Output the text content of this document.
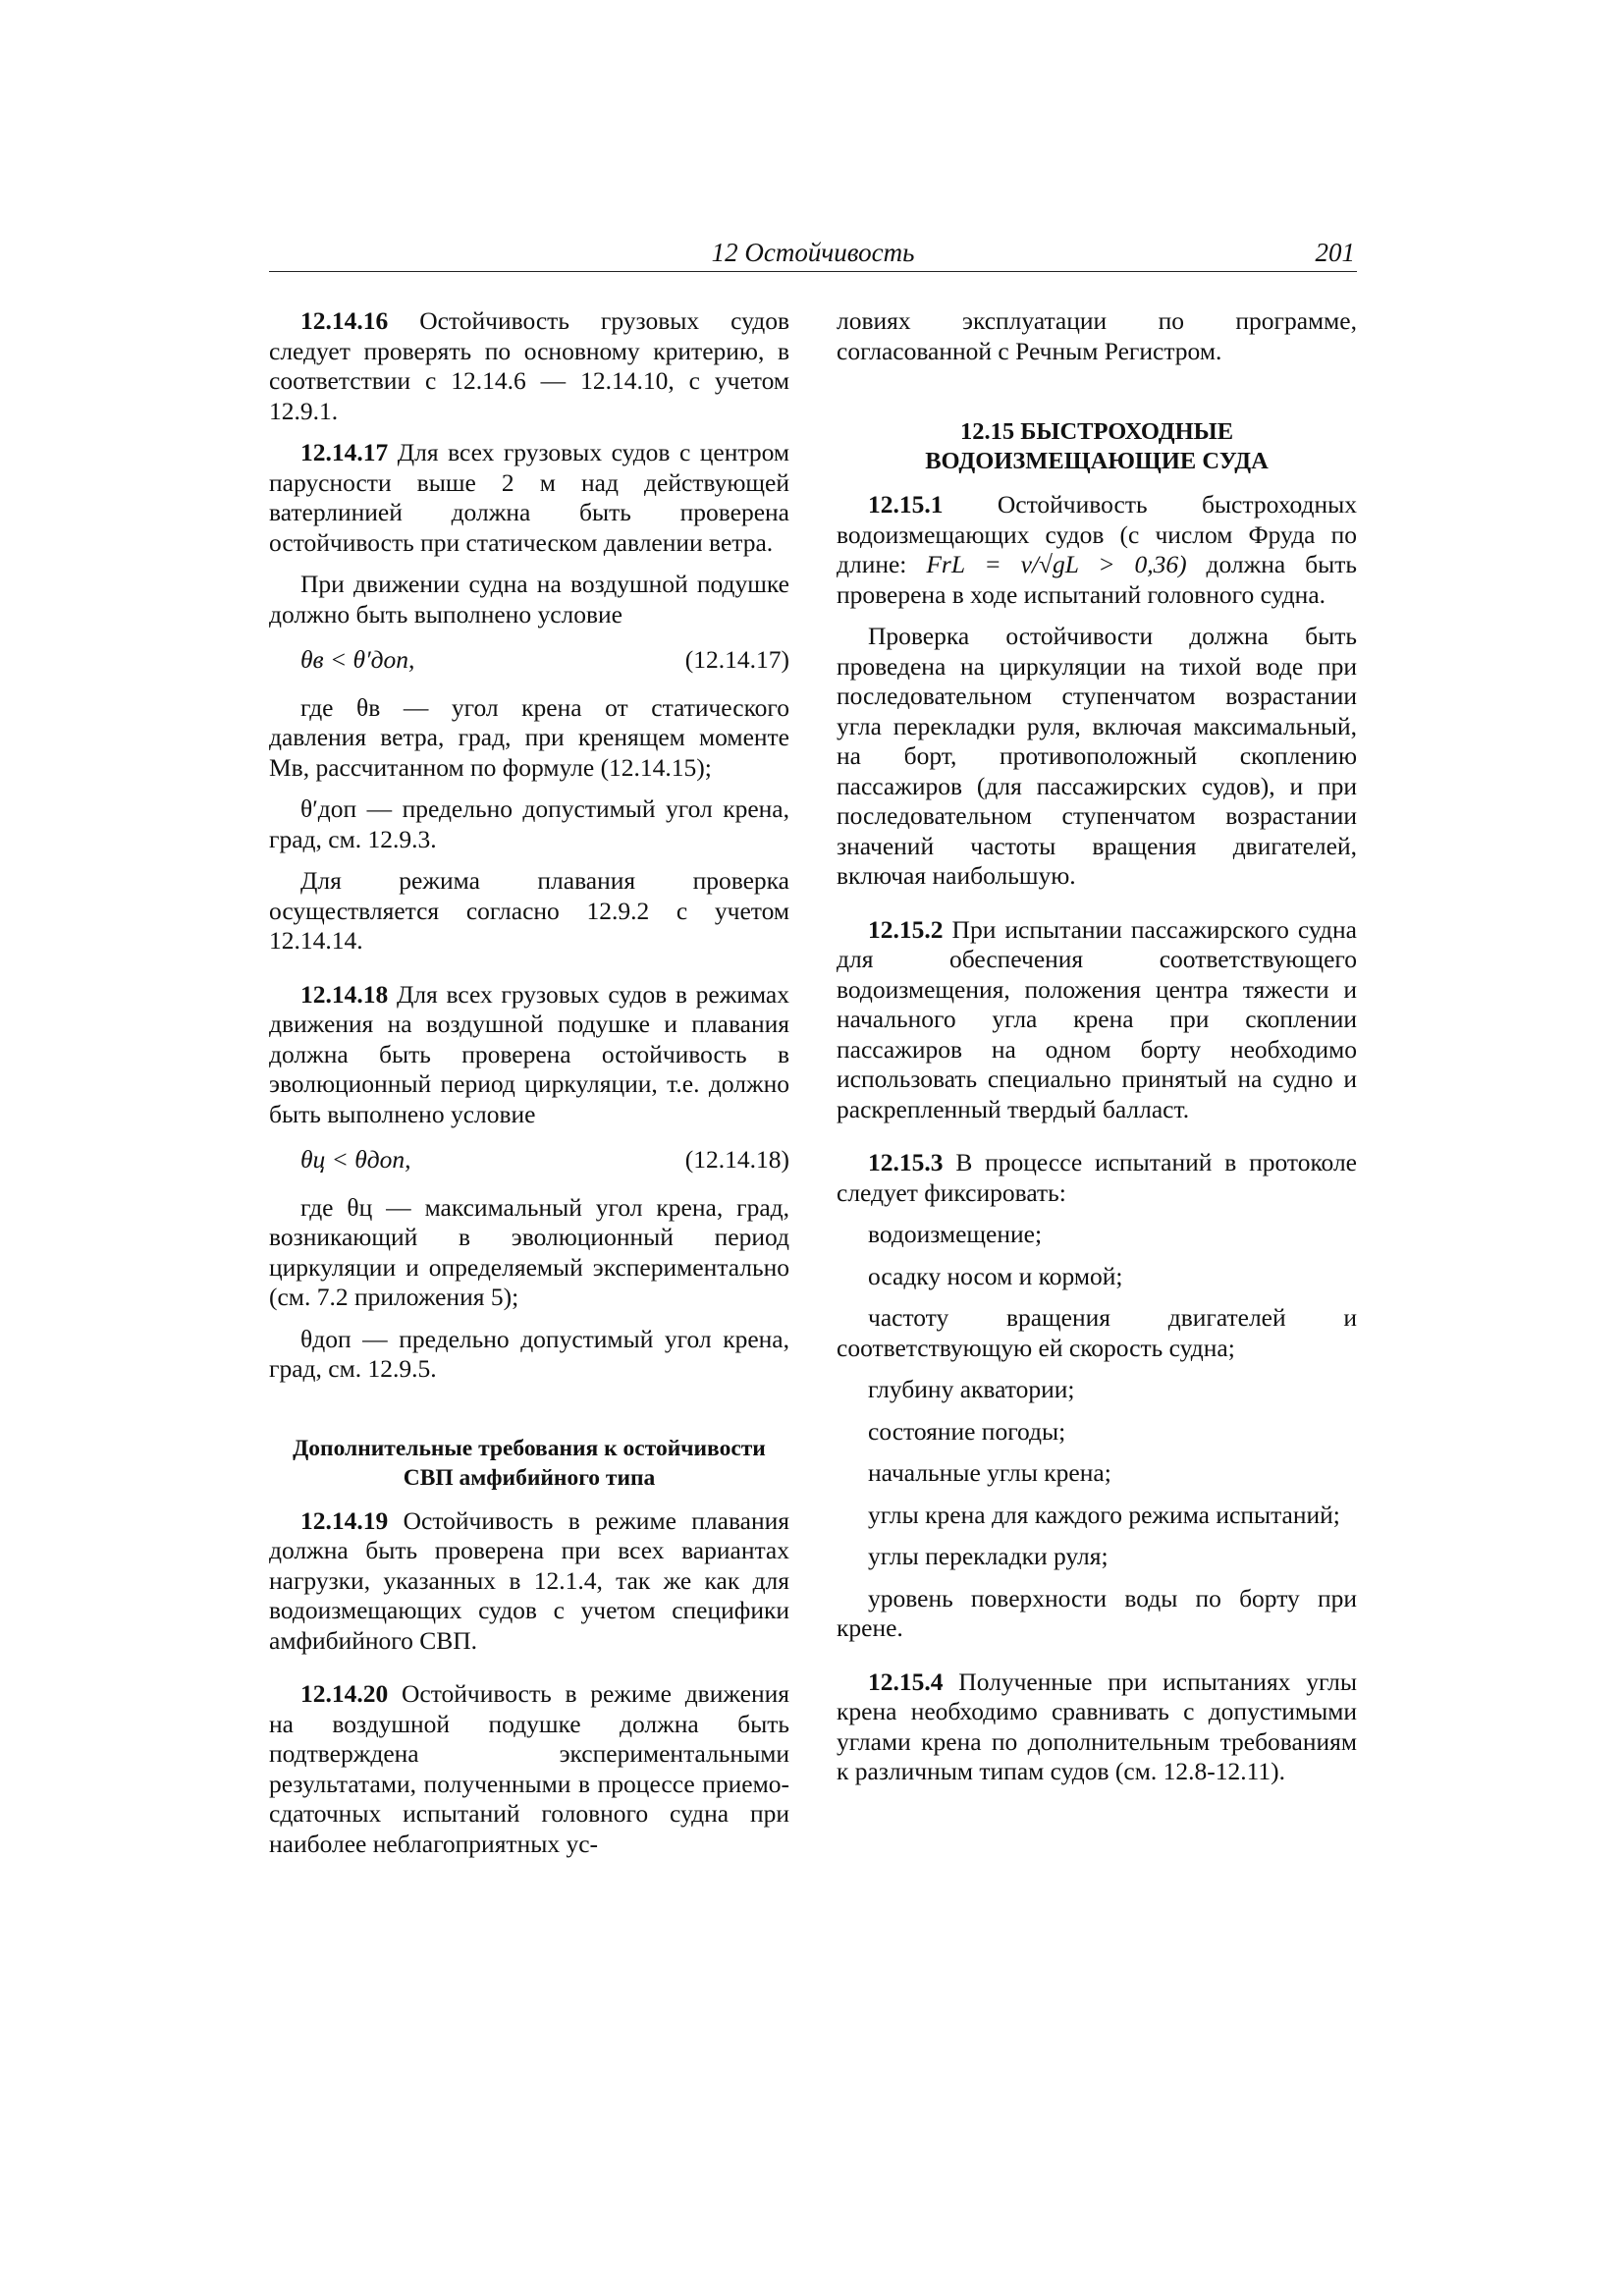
12 Остойчивость	201

12.14.16 Остойчивость грузовых судов следует проверять по основному критерию, в соответствии с 12.14.6 — 12.14.10, с учетом 12.9.1.

12.14.17 Для всех грузовых судов с центром парусности выше 2 м над действующей ватерлинией должна быть проверена остойчивость при статическом давлении ветра.

При движении судна на воздушной подушке должно быть выполнено условие

θв < θ′доп,	(12.14.17)

где θв — угол крена от статического давления ветра, град, при кренящем моменте Mв, рассчитанном по формуле (12.14.15);

θ′доп — предельно допустимый угол крена, град, см. 12.9.3.

Для режима плавания проверка осуществляется согласно 12.9.2 с учетом 12.14.14.

12.14.18 Для всех грузовых судов в режимах движения на воздушной подушке и плавания должна быть проверена остойчивость в эволюционный период циркуляции, т.е. должно быть выполнено условие

θц < θдоп,	(12.14.18)

где θц — максимальный угол крена, град, возникающий в эволюционный период циркуляции и определяемый экспериментально (см. 7.2 приложения 5);

θдоп — предельно допустимый угол крена, град, см. 12.9.5.

Дополнительные требования к остойчивости СВП амфибийного типа

12.14.19 Остойчивость в режиме плавания должна быть проверена при всех вариантах нагрузки, указанных в 12.1.4, так же как для водоизмещающих судов с учетом специфики амфибийного СВП.

12.14.20 Остойчивость в режиме движения на воздушной подушке должна быть подтверждена экспериментальными результатами, полученными в процессе приемо-сдаточных испытаний головного судна при наиболее неблагоприятных ус-

ловиях эксплуатации по программе, согласованной с Речным Регистром.

12.15 БЫСТРОХОДНЫЕ ВОДОИЗМЕЩАЮЩИЕ СУДА

12.15.1 Остойчивость быстроходных водоизмещающих судов (с числом Фруда по длине: FrL = v/√gL > 0,36) должна быть проверена в ходе испытаний головного судна.

Проверка остойчивости должна быть проведена на циркуляции на тихой воде при последовательном ступенчатом возрастании угла перекладки руля, включая максимальный, на борт, противоположный скоплению пассажиров (для пассажирских судов), и при последовательном ступенчатом возрастании значений частоты вращения двигателей, включая наибольшую.

12.15.2 При испытании пассажирского судна для обеспечения соответствующего водоизмещения, положения центра тяжести и начального угла крена при скоплении пассажиров на одном борту необходимо использовать специально принятый на судно и раскрепленный твердый балласт.

12.15.3 В процессе испытаний в протоколе следует фиксировать:

водоизмещение;

осадку носом и кормой;

частоту вращения двигателей и соответствующую ей скорость судна;

глубину акватории;

состояние погоды;

начальные углы крена;

углы крена для каждого режима испытаний;

углы перекладки руля;

уровень поверхности воды по борту при крене.

12.15.4 Полученные при испытаниях углы крена необходимо сравнивать с допустимыми углами крена по дополнительным требованиям к различным типам судов (см. 12.8-12.11).
